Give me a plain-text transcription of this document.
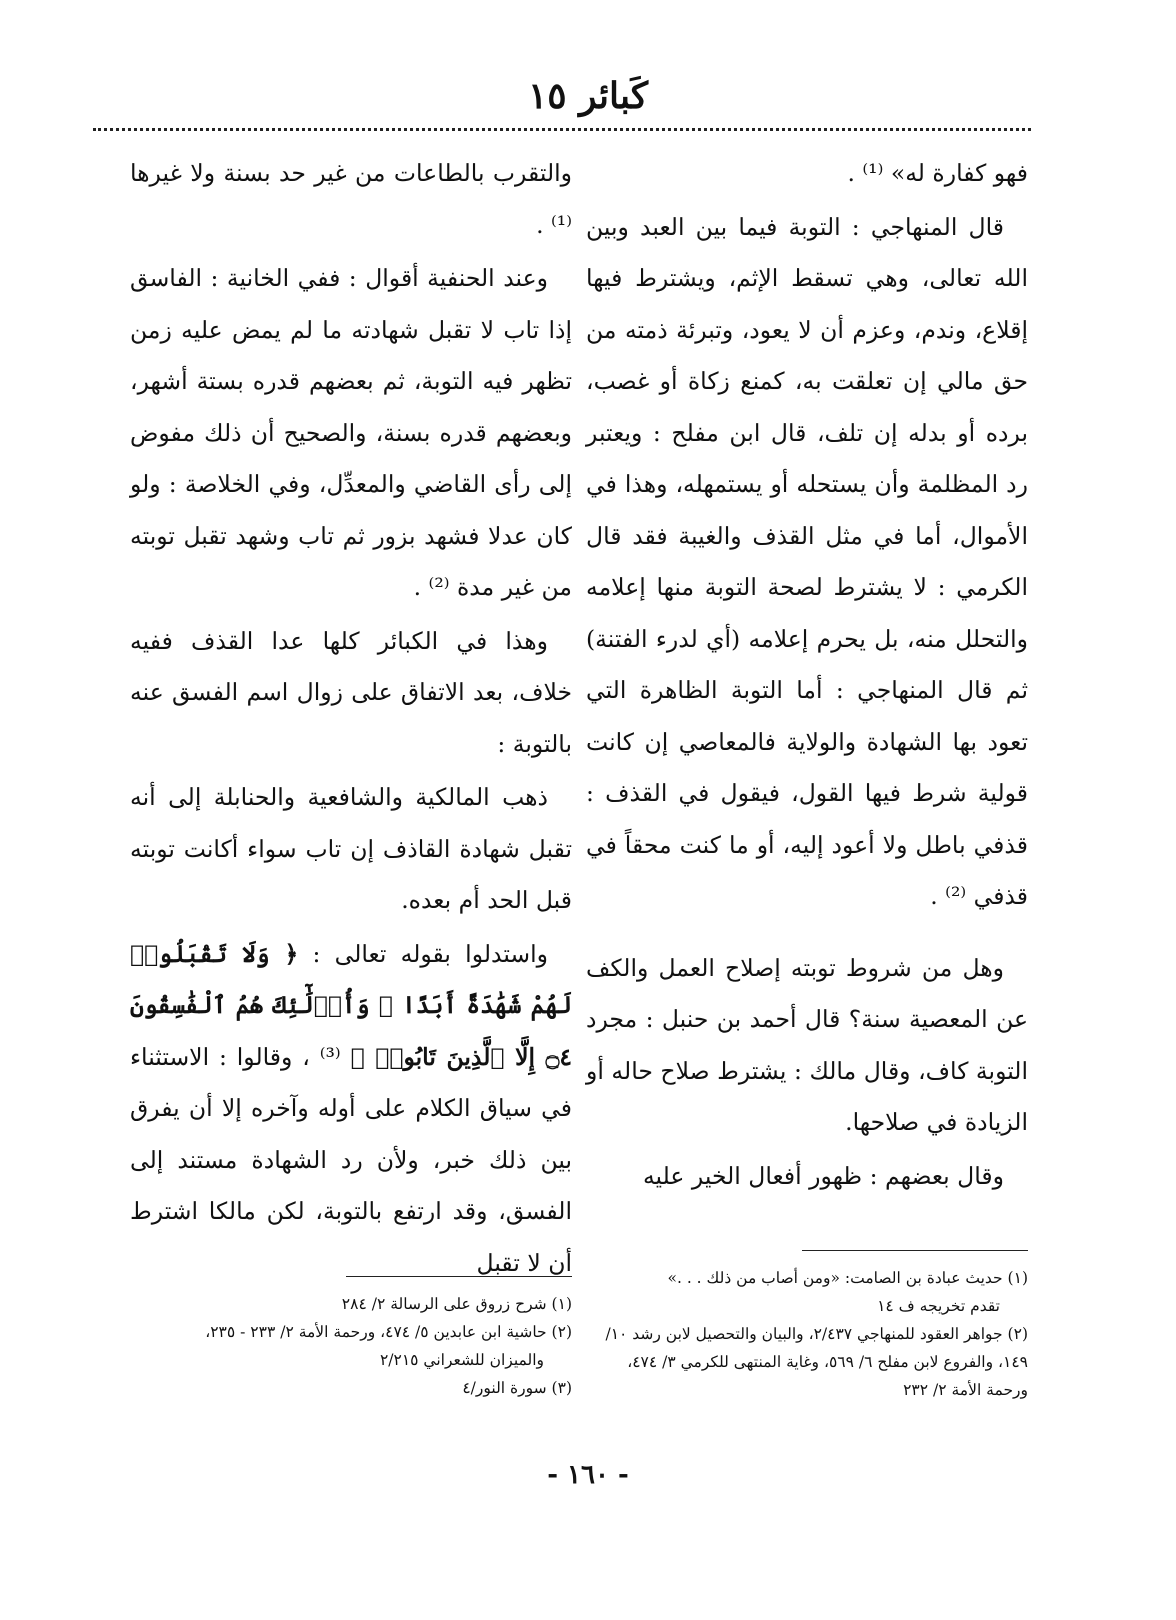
كَبائر ١٥

فهو كفارة له» ⁽¹⁾ .

قال المنهاجي : التوبة فيما بين العبد وبين الله تعالى، وهي تسقط الإثم، ويشترط فيها إقلاع، وندم، وعزم أن لا يعود، وتبرئة ذمته من حق مالي إن تعلقت به، كمنع زكاة أو غصب، برده أو بدله إن تلف، قال ابن مفلح : ويعتبر رد المظلمة وأن يستحله أو يستمهله، وهذا في الأموال، أما في مثل القذف والغيبة فقد قال الكرمي : لا يشترط لصحة التوبة منها إعلامه والتحلل منه، بل يحرم إعلامه (أي لدرء الفتنة) ثم قال المنهاجي : أما التوبة الظاهرة التي تعود بها الشهادة والولاية فالمعاصي إن كانت قولية شرط فيها القول، فيقول في القذف : قذفي باطل ولا أعود إليه، أو ما كنت محقاً في قذفي ⁽²⁾ .

وهل من شروط توبته إصلاح العمل والكف عن المعصية سنة؟ قال أحمد بن حنبل : مجرد التوبة كاف، وقال مالك : يشترط صلاح حاله أو الزيادة في صلاحها.

وقال بعضهم : ظهور أفعال الخير عليه

والتقرب بالطاعات من غير حد بسنة ولا غيرها ⁽¹⁾ .

وعند الحنفية أقوال : ففي الخانية : الفاسق إذا تاب لا تقبل شهادته ما لم يمض عليه زمن تظهر فيه التوبة، ثم بعضهم قدره بستة أشهر، وبعضهم قدره بسنة، والصحيح أن ذلك مفوض إلى رأى القاضي والمعدِّل، وفي الخلاصة : ولو كان عدلا فشهد بزور ثم تاب وشهد تقبل توبته من غير مدة ⁽²⁾ .

وهذا في الكبائر كلها عدا القذف ففيه خلاف، بعد الاتفاق على زوال اسم الفسق عنه بالتوبة :

ذهب المالكية والشافعية والحنابلة إلى أنه تقبل شهادة القاذف إن تاب سواء أكانت توبته قبل الحد أم بعده.

واستدلوا بقوله تعالى : ﴿ وَلَا تَقْبَلُوا۟ لَهُمْ شَهَٰدَةً أَبَدًا ۚ وَأُو۟لَٰٓئِكَ هُمُ ٱلْفَٰسِقُونَ ۝٤ إِلَّا ٱلَّذِينَ تَابُوا۟ ﴾ ⁽³⁾ ، وقالوا : الاستثناء في سياق الكلام على أوله وآخره إلا أن يفرق بين ذلك خبر، ولأن رد الشهادة مستند إلى الفسق، وقد ارتفع بالتوبة، لكن مالكا اشترط أن لا تقبل

(١) حديث عبادة بن الصامت: «ومن أصاب من ذلك . . .»

تقدم تخريجه ف ١٤

(٢) جواهر العقود للمنهاجي ٢/٤٣٧، والبيان والتحصيل لابن رشد ١٠/ ١٤٩، والفروع لابن مفلح ٦/ ٥٦٩، وغاية المنتهى للكرمي ٣/ ٤٧٤، ورحمة الأمة ٢/ ٢٣٢

(١) شرح زروق على الرسالة ٢/ ٢٨٤

(٢) حاشية ابن عابدين ٥/ ٤٧٤، ورحمة الأمة ٢/ ٢٣٣ - ٢٣٥،

والميزان للشعراني ٢/٢١٥

(٣) سورة النور/٤

- ١٦٠ -
